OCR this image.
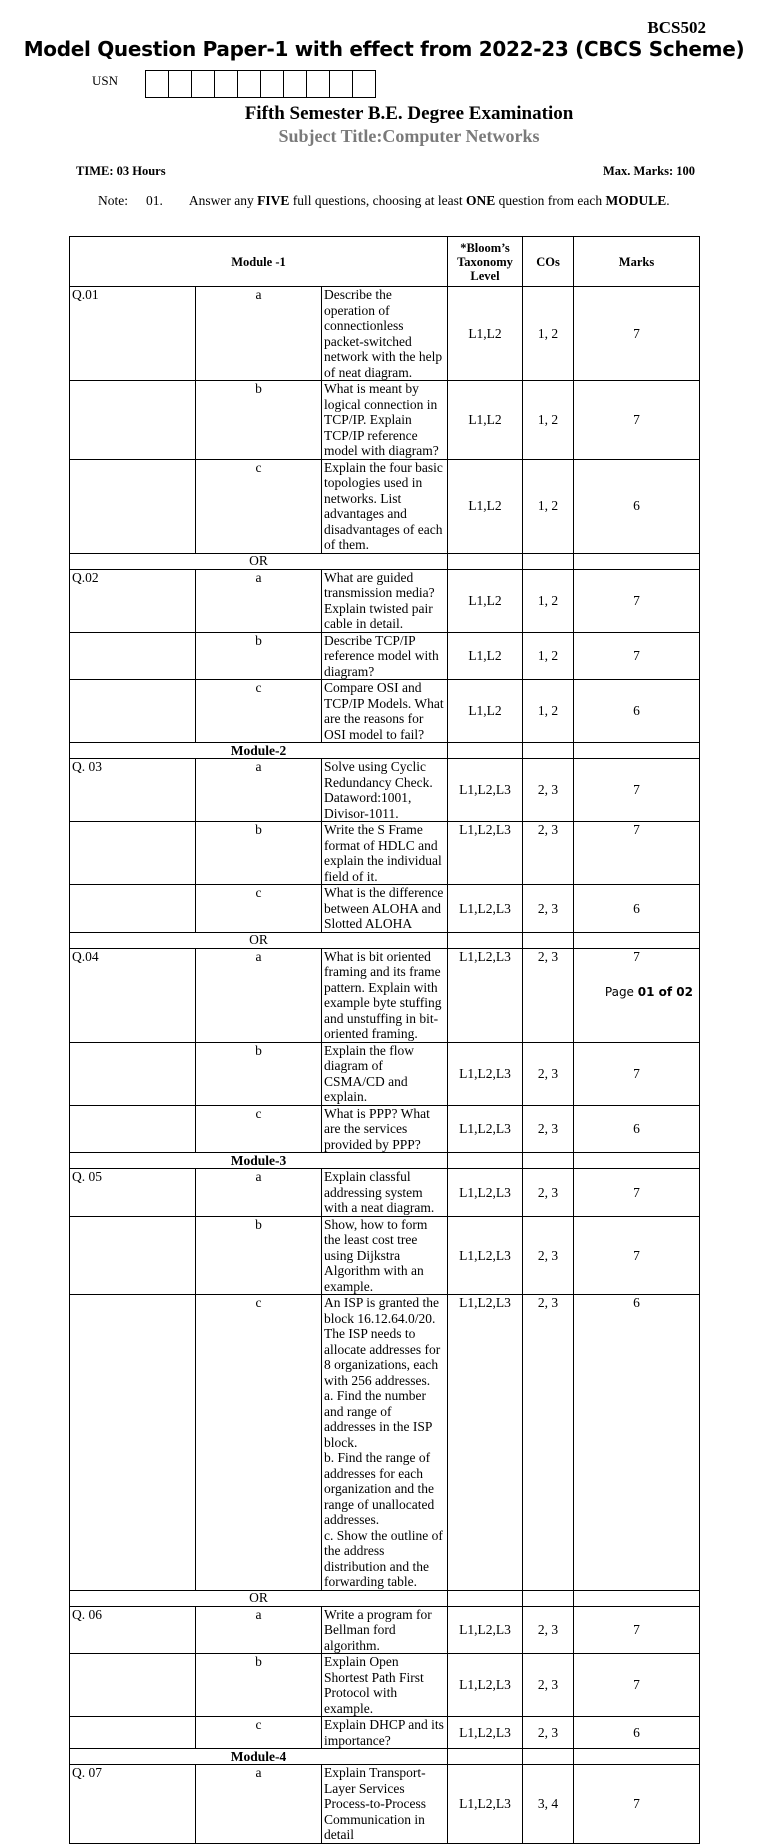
BCS502
Model Question Paper-1 with effect from 2022-23 (CBCS Scheme)
USN
Fifth Semester B.E. Degree Examination
Subject Title:Computer Networks
TIME: 03 Hours	Max. Marks: 100
Note: 01. Answer any FIVE full questions, choosing at least ONE question from each MODULE.
Module -1			*Bloom’s Taxonomy Level	COs	Marks
Q.01	a	Describe the operation of connectionless packet-switched network with the help of neat diagram.	L1,L2	1, 2	7
	b	What is meant by logical connection in TCP/IP. Explain TCP/IP reference model with diagram?	L1,L2	1, 2	7
	c	Explain the four basic topologies used in networks. List advantages and disadvantages of each of them.	L1,L2	1, 2	6
OR					
Q.02	a	What are guided transmission media? Explain twisted pair cable in detail.	L1,L2	1, 2	7
	b	Describe TCP/IP reference model with diagram?	L1,L2	1, 2	7
	c	Compare OSI and TCP/IP Models. What are the reasons for OSI model to fail?	L1,L2	1, 2	6
Module-2					
Q. 03	a	Solve using Cyclic Redundancy Check. Dataword:1001, Divisor-1011.	L1,L2,L3	2, 3	7
	b	Write the S Frame format of HDLC and explain the individual field of it.	L1,L2,L3	2, 3	7
	c	What is the difference between ALOHA and Slotted ALOHA	L1,L2,L3	2, 3	6
OR					
Q.04	a	What is bit oriented framing and its frame pattern. Explain with example byte stuffing and unstuffing in bit-oriented framing.	L1,L2,L3	2, 3	7
	b	Explain the flow diagram of CSMA/CD and explain.	L1,L2,L3	2, 3	7
	c	What is PPP? What are the services provided by PPP?	L1,L2,L3	2, 3	6
Module-3					
Q. 05	a	Explain classful addressing system with a neat diagram.	L1,L2,L3	2, 3	7
	b	Show, how to form the least cost tree using Dijkstra Algorithm with an example.	L1,L2,L3	2, 3	7
	c	An ISP is granted the block 16.12.64.0/20. The ISP needs to allocate addresses for 8 organizations, each with 256 addresses.
a. Find the number and range of addresses in the ISP block.
b. Find the range of addresses for each organization and the range of unallocated addresses.
c. Show the outline of the address distribution and the forwarding table.	L1,L2,L3	2, 3	6
OR					
Q. 06	a	Write a program for Bellman ford algorithm.	L1,L2,L3	2, 3	7
	b	Explain Open Shortest Path First Protocol with example.	L1,L2,L3	2, 3	7
	c	Explain DHCP and its importance?	L1,L2,L3	2, 3	6
Module-4					
Q. 07	a	Explain Transport-Layer Services Process-to-Process Communication in detail	L1,L2,L3	3, 4	7
Page 01 of 02
